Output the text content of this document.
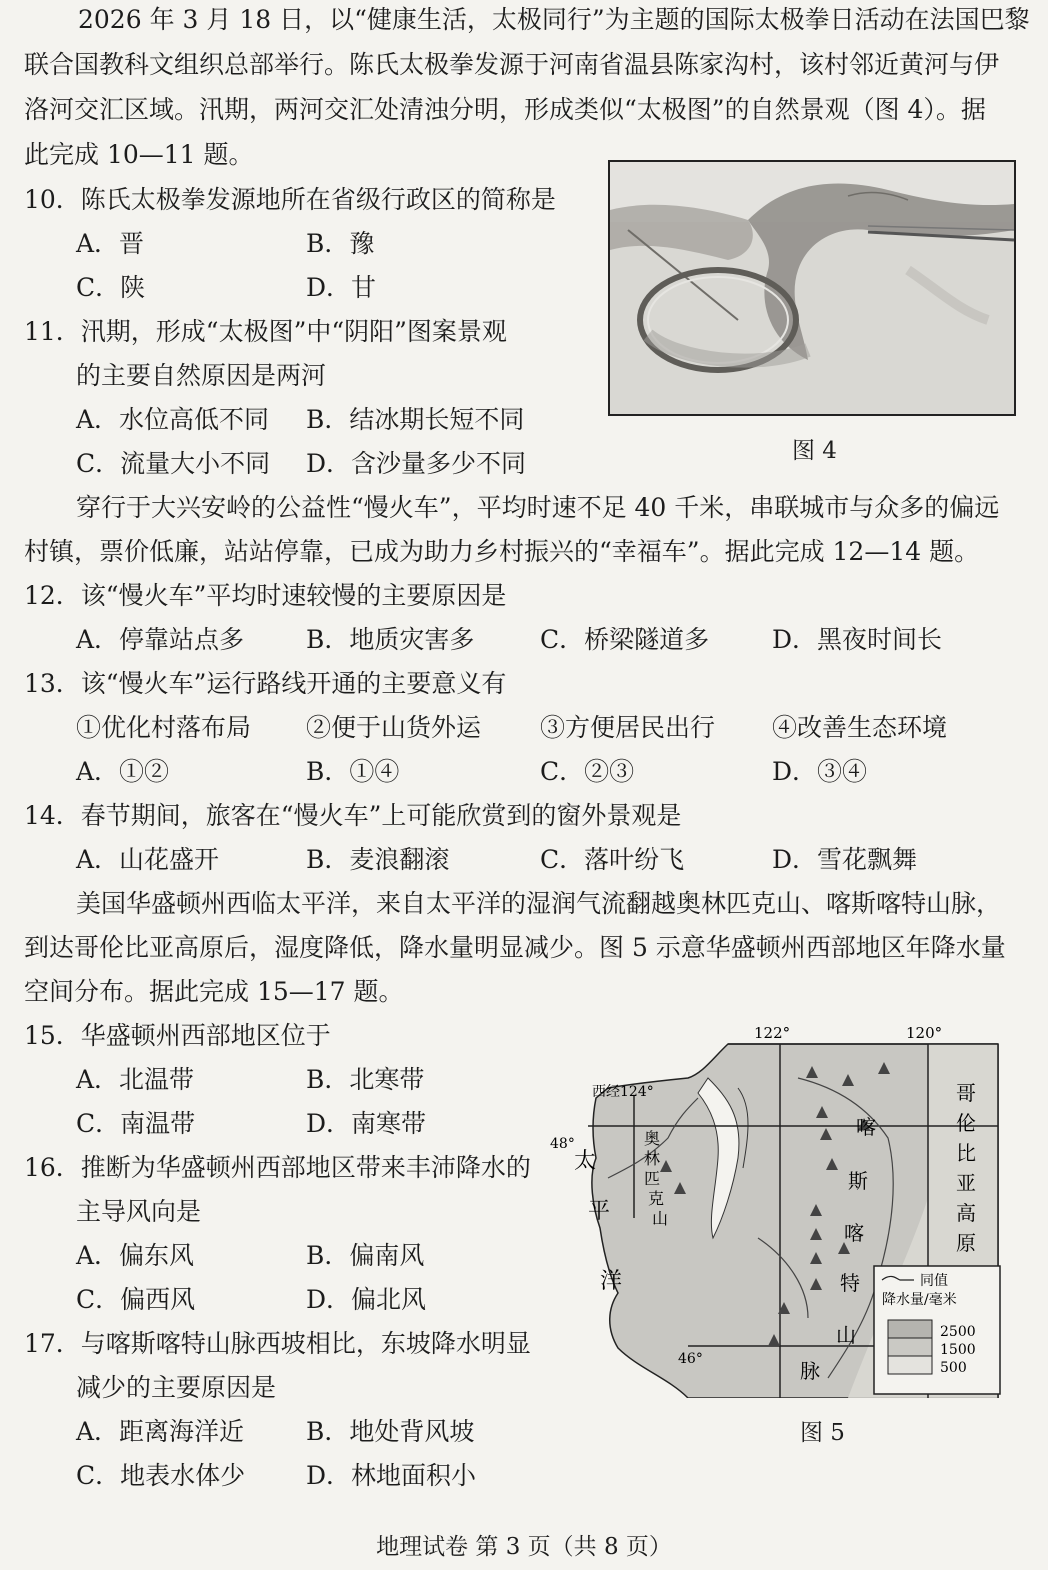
2026 年 3 月 18 日，以“健康生活，太极同行”为主题的国际太极拳日活动在法国巴黎
联合国教科文组织总部举行。陈氏太极拳发源于河南省温县陈家沟村，该村邻近黄河与伊
洛河交汇区域。汛期，两河交汇处清浊分明，形成类似“太极图”的自然景观（图 4）。据
此完成 10—11 题。
10．陈氏太极拳发源地所在省级行政区的简称是
A．晋	B．豫
C．陕	D．甘
11．汛期，形成“太极图”中“阴阳”图案景观
的主要自然原因是两河
A．水位高低不同 B．结冰期长短不同
C．流量大小不同 D．含沙量多少不同	图 4
穿行于大兴安岭的公益性“慢火车”，平均时速不足 40 千米，串联城市与众多的偏远
村镇，票价低廉，站站停靠，已成为助力乡村振兴的“幸福车”。据此完成 12—14 题。
12．该“慢火车”平均时速较慢的主要原因是
A．停靠站点多 B．地质灾害多	C．桥梁隧道多	D．黑夜时间长
13．该“慢火车”运行路线开通的主要意义有
①优化村落布局 ②便于山货外运 ③方便居民出行 ④改善生态环境
A．①②	B．①④	C．②③	D．③④
14．春节期间，旅客在“慢火车”上可能欣赏到的窗外景观是
A．山花盛开	B．麦浪翻滚	C．落叶纷飞	D．雪花飘舞
美国华盛顿州西临太平洋，来自太平洋的湿润气流翻越奥林匹克山、喀斯喀特山脉，
到达哥伦比亚高原后，湿度降低，降水量明显减少。图 5 示意华盛顿州西部地区年降水量
空间分布。据此完成 15—17 题。
15．华盛顿州西部地区位于
A．北温带	B．北寒带
C．南温带	D．南寒带
16．推断为华盛顿州西部地区带来丰沛降水的
主导风向是
A．偏东风	B．偏南风
C．偏西风	D．偏北风
17．与喀斯喀特山脉西坡相比，东坡降水明显
减少的主要原因是
A．距离海洋近 B．地处背风坡
C．地表水体少 D．林地面积小
122°	120°
西经124°
48°
46°
太
平
洋
奥
林
匹
克
山
喀
斯
喀
特
山
脉
哥
伦
比
亚
高
原
同值
降水量/毫米
2500
1500
500
图 5
地理试卷 第 3 页（共 8 页）
